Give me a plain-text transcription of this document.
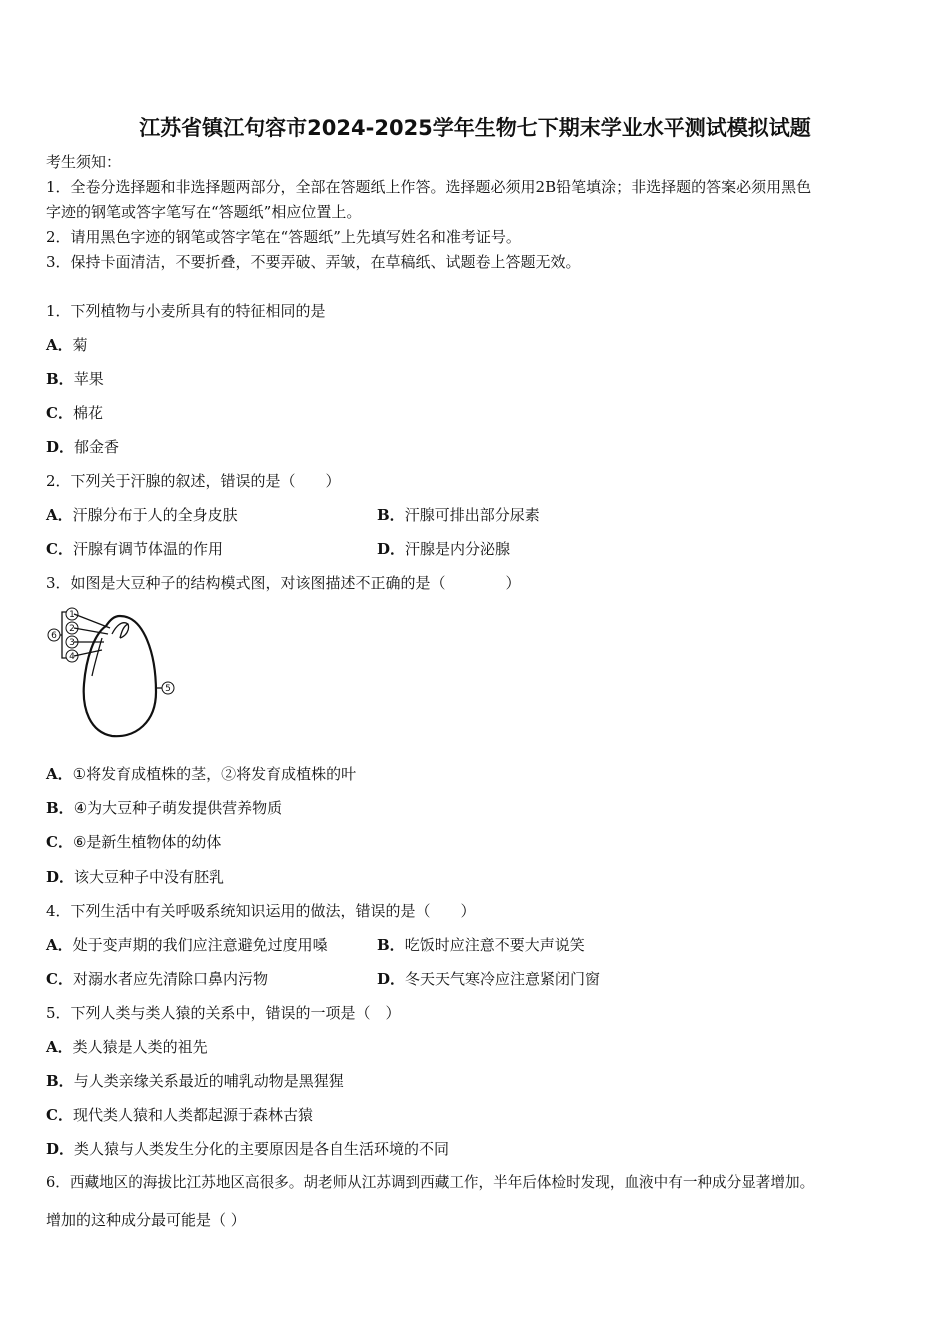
江苏省镇江句容市2024-2025学年生物七下期末学业水平测试模拟试题
考生须知：
1．全卷分选择题和非选择题两部分，全部在答题纸上作答。选择题必须用2B铅笔填涂；非选择题的答案必须用黑色
字迹的钢笔或答字笔写在“答题纸”相应位置上。
2．请用黑色字迹的钢笔或答字笔在“答题纸”上先填写姓名和准考证号。
3．保持卡面清洁，不要折叠，不要弄破、弄皱，在草稿纸、试题卷上答题无效。
1．下列植物与小麦所具有的特征相同的是
A．菊
B．苹果
C．棉花
D．郁金香
2．下列关于汗腺的叙述，错误的是（　　）
A．汗腺分布于人的全身皮肤	B．汗腺可排出部分尿素
C．汗腺有调节体温的作用	D．汗腺是内分泌腺
3．如图是大豆种子的结构模式图，对该图描述不正确的是（　　　　）
1
2
3
4
5
6
A．①将发育成植株的茎，②将发育成植株的叶
B．④为大豆种子萌发提供营养物质
C．⑥是新生植物体的幼体
D．该大豆种子中没有胚乳
4．下列生活中有关呼吸系统知识运用的做法，错误的是（　　）
A．处于变声期的我们应注意避免过度用嗓	B．吃饭时应注意不要大声说笑
C．对溺水者应先清除口鼻内污物	D．冬天天气寒冷应注意紧闭门窗
5．下列人类与类人猿的关系中，错误的一项是（　）
A．类人猿是人类的祖先
B．与人类亲缘关系最近的哺乳动物是黑猩猩
C．现代类人猿和人类都起源于森林古猿
D．类人猿与人类发生分化的主要原因是各自生活环境的不同
6．西藏地区的海拔比江苏地区高很多。胡老师从江苏调到西藏工作，半年后体检时发现，血液中有一种成分显著增加。
增加的这种成分最可能是（ ）
